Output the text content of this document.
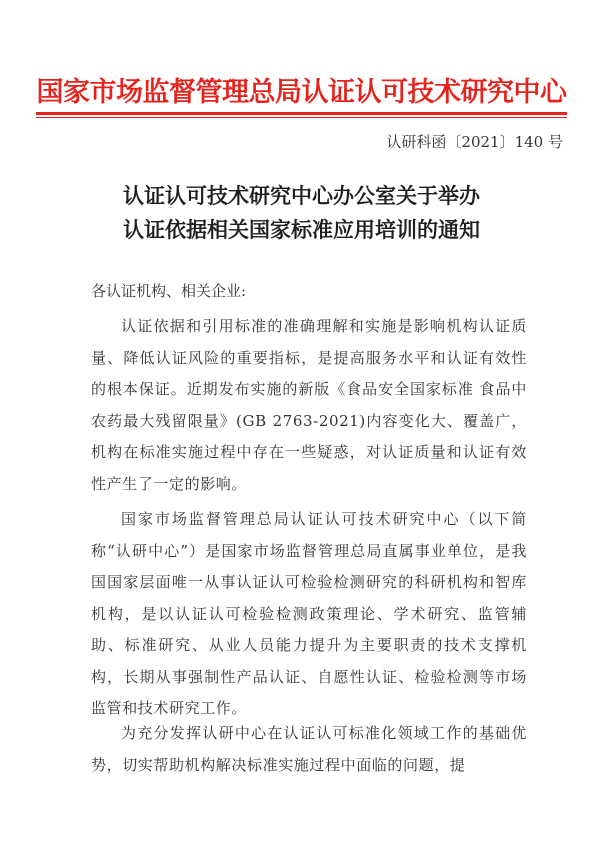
国家市场监督管理总局认证认可技术研究中心
认研科函〔2021〕140 号
认证认可技术研究中心办公室关于举办
认证依据相关国家标准应用培训的通知
各认证机构、相关企业:
认证依据和引用标准的准确理解和实施是影响机构认证质量、降低认证风险的重要指标，是提高服务水平和认证有效性的根本保证。近期发布实施的新版《食品安全国家标准 食品中农药最大残留限量》(GB 2763-2021)内容变化大、覆盖广，机构在标准实施过程中存在一些疑惑，对认证质量和认证有效性产生了一定的影响。
国家市场监督管理总局认证认可技术研究中心（以下简称“认研中心”）是国家市场监督管理总局直属事业单位，是我国国家层面唯一从事认证认可检验检测研究的科研机构和智库机构，是以认证认可检验检测政策理论、学术研究、监管辅助、标准研究、从业人员能力提升为主要职责的技术支撑机构，长期从事强制性产品认证、自愿性认证、检验检测等市场监管和技术研究工作。
为充分发挥认研中心在认证认可标准化领域工作的基础优势，切实帮助机构解决标准实施过程中面临的问题，提
